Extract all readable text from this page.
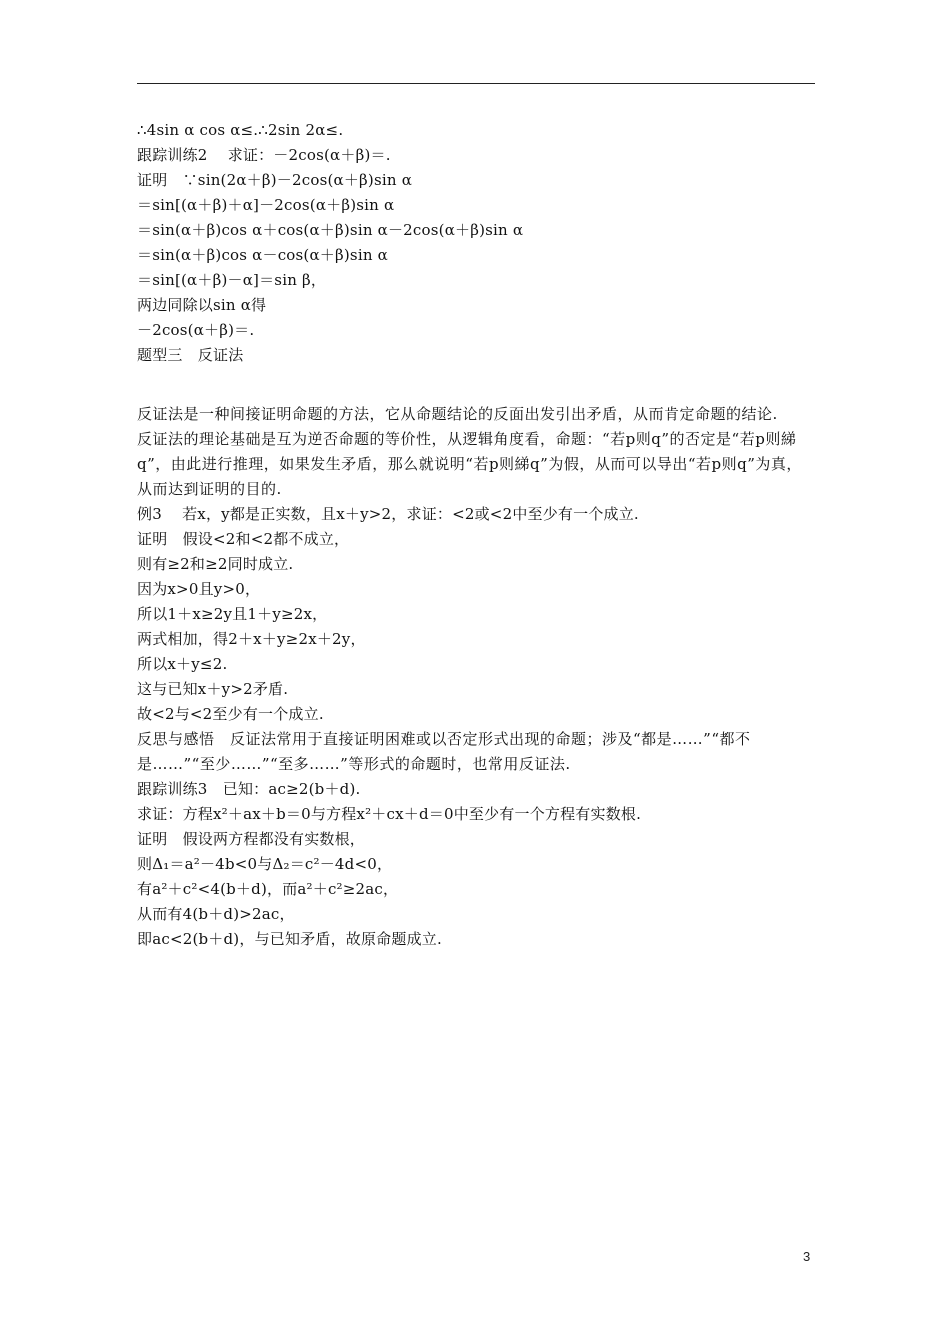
∴4sin α cos α≤.∴2sin 2α≤.
跟踪训练2　 求证：－2cos(α＋β)＝.
证明　∵sin(2α＋β)－2cos(α＋β)sin α
＝sin[(α＋β)＋α]－2cos(α＋β)sin α
＝sin(α＋β)cos α＋cos(α＋β)sin α－2cos(α＋β)sin α
＝sin(α＋β)cos α－cos(α＋β)sin α
＝sin[(α＋β)－α]＝sin β，
两边同除以sin α得
－2cos(α＋β)＝.
题型三　反证法
反证法是一种间接证明命题的方法，它从命题结论的反面出发引出矛盾，从而肯定命题的结论.
反证法的理论基础是互为逆否命题的等价性，从逻辑角度看，命题：“若p则q”的否定是“若p则綈q”，由此进行推理，如果发生矛盾，那么就说明“若p则綈q”为假，从而可以导出“若p则q”为真，从而达到证明的目的.
例3　 若x，y都是正实数，且x＋y>2，求证：<2或<2中至少有一个成立.
证明　假设<2和<2都不成立，
则有≥2和≥2同时成立.
因为x>0且y>0，
所以1＋x≥2y且1＋y≥2x，
两式相加，得2＋x＋y≥2x＋2y，
所以x＋y≤2.
这与已知x＋y>2矛盾.
故<2与<2至少有一个成立.
反思与感悟　反证法常用于直接证明困难或以否定形式出现的命题；涉及“都是……”“都不是……”“至少……”“至多……”等形式的命题时，也常用反证法.
跟踪训练3　已知：ac≥2(b＋d).
求证：方程x²＋ax＋b＝0与方程x²＋cx＋d＝0中至少有一个方程有实数根.
证明　假设两方程都没有实数根，
则Δ₁＝a²－4b<0与Δ₂＝c²－4d<0，
有a²＋c²<4(b＋d)，而a²＋c²≥2ac，
从而有4(b＋d)>2ac，
即ac<2(b＋d)，与已知矛盾，故原命题成立.
3
